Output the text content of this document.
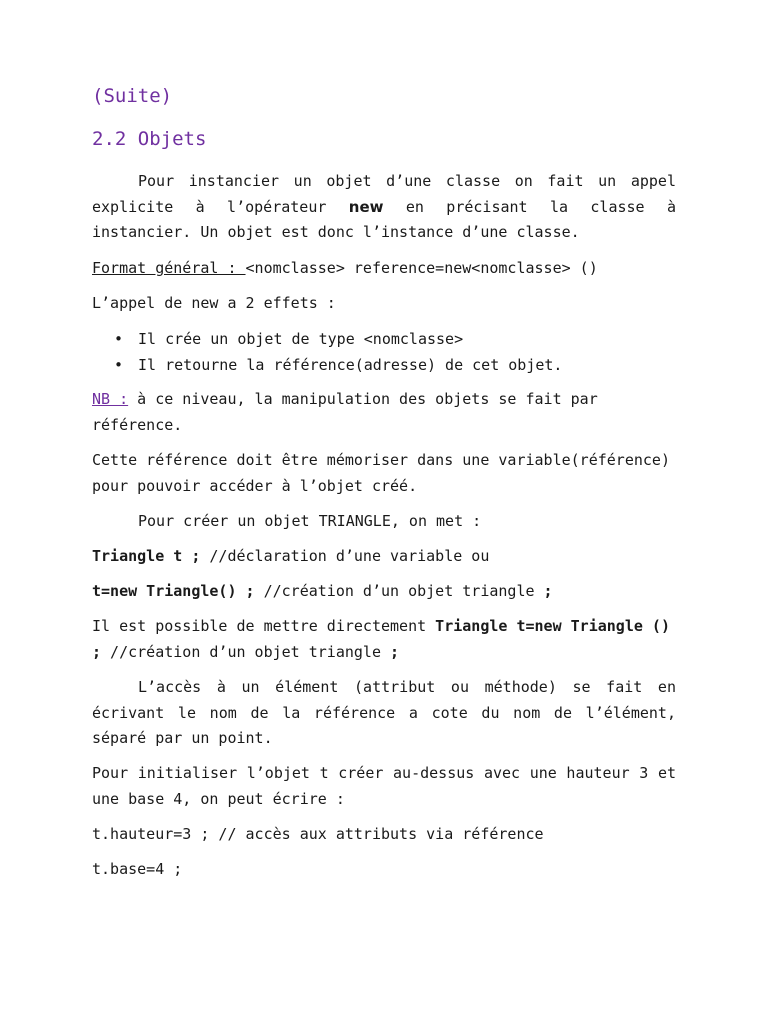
(Suite)
2.2 Objets

Pour instancier un objet d’une classe on fait un appel explicite à l’opérateur new en précisant la classe à instancier. Un objet est donc l’instance d’une classe.

Format général : <nomclasse> reference=new<nomclasse> ()

L’appel de new a 2 effets :

• Il crée un objet de type <nomclasse>
• Il retourne la référence(adresse) de cet objet.

NB : à ce niveau, la manipulation des objets se fait par référence.

Cette référence doit être mémoriser dans une variable(référence) pour pouvoir accéder à l’objet créé.

Pour créer un objet TRIANGLE, on met :

Triangle t ; //déclaration d’une variable ou

t=new Triangle() ; //création d’un objet triangle ;

Il est possible de mettre directement Triangle t=new Triangle () ; //création d’un objet triangle ;

L’accès à un élément (attribut ou méthode) se fait en écrivant le nom de la référence a cote du nom de l’élément, séparé par un point.

Pour initialiser l’objet t créer au-dessus avec une hauteur 3 et une base 4, on peut écrire :

t.hauteur=3 ; // accès aux attributs via référence

t.base=4 ;
